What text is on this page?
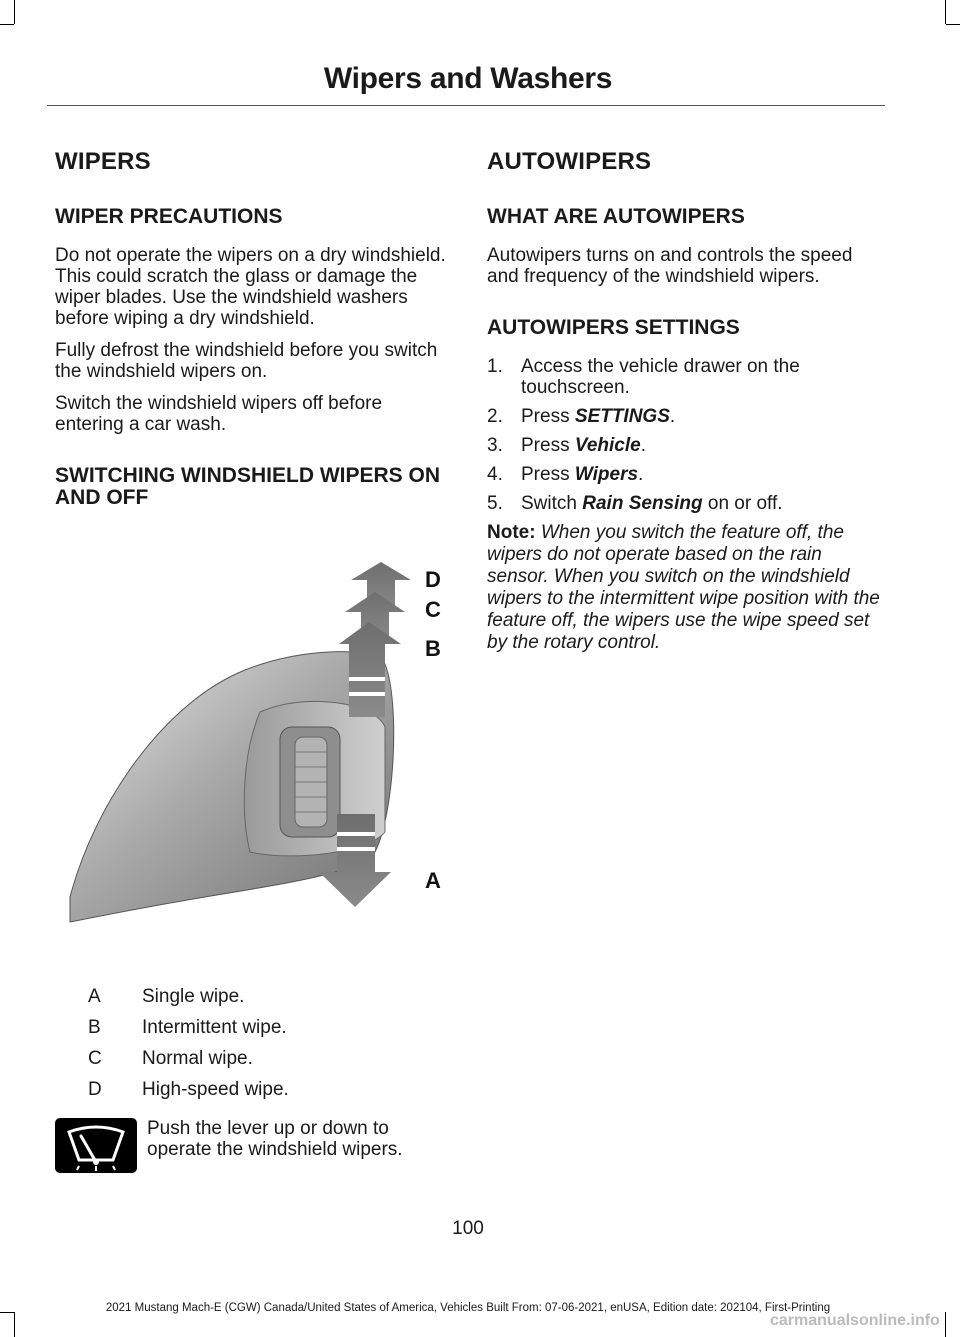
Wipers and Washers
WIPERS
WIPER PRECAUTIONS

Do not operate the wipers on a dry windshield. This could scratch the glass or damage the wiper blades. Use the windshield washers before wiping a dry windshield.

Fully defrost the windshield before you switch the windshield wipers on.

Switch the windshield wipers off before entering a car wash.

SWITCHING WINDSHIELD WIPERS ON AND OFF
D
C
B
A
A	Single wipe.
B	Intermittent wipe.
C	Normal wipe.
D	High-speed wipe.
Push the lever up or down to operate the windshield wipers.
AUTOWIPERS
WHAT ARE AUTOWIPERS

Autowipers turns on and controls the speed and frequency of the windshield wipers.

AUTOWIPERS SETTINGS
1. Access the vehicle drawer on the touchscreen.
2. Press SETTINGS.
3. Press Vehicle.
4. Press Wipers.
5. Switch Rain Sensing on or off.
Note: When you switch the feature off, the wipers do not operate based on the rain sensor. When you switch on the windshield wipers to the intermittent wipe position with the feature off, the wipers use the wipe speed set by the rotary control.
100
2021 Mustang Mach-E (CGW) Canada/United States of America, Vehicles Built From: 07-06-2021, enUSA, Edition date: 202104, First-Printing
carmanualsonline.info
